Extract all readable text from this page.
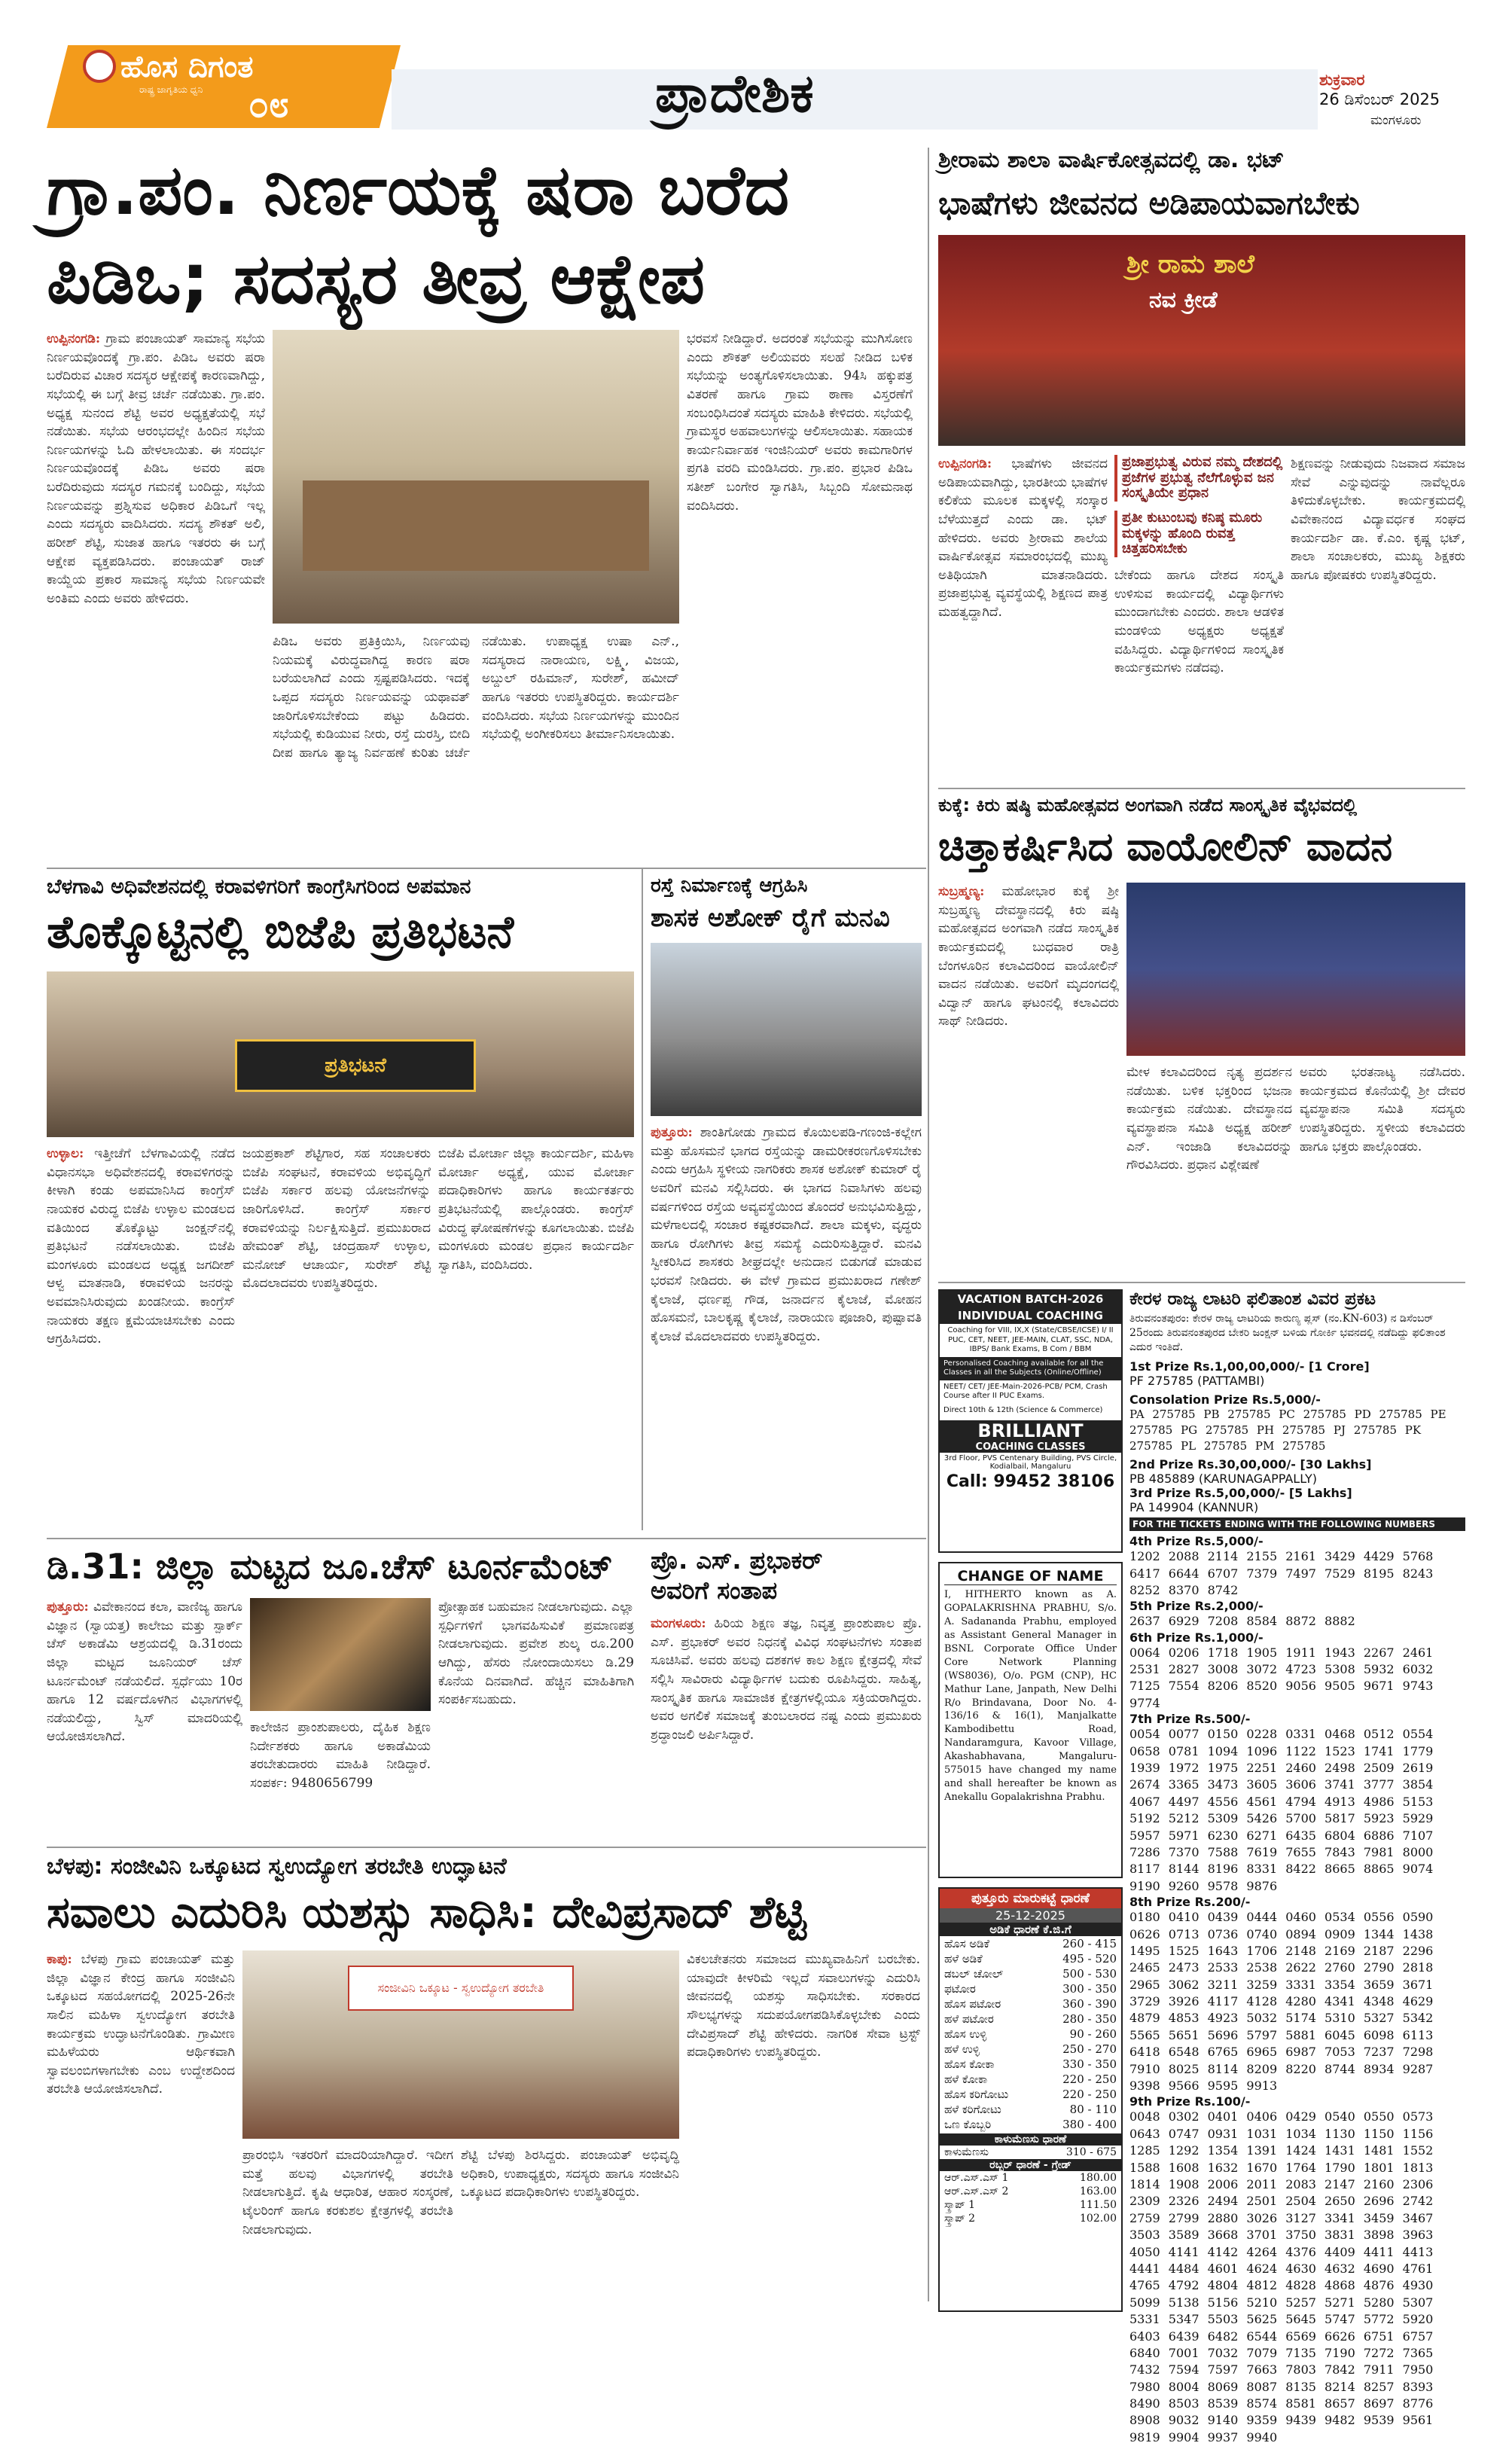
ಹೊಸ ದಿಗಂತ
ರಾಷ್ಟ್ರ ಜಾಗೃತಿಯ ಧ್ವನಿ ೦೮	ಪ್ರಾದೇಶಿಕ	ಶುಕ್ರವಾರ
26 ಡಿಸೆಂಬರ್ 2025
ಮಂಗಳೂರು
ಗ್ರಾ.ಪಂ. ನಿರ್ಣಯಕ್ಕೆ ಷರಾ ಬರೆದ
ಪಿಡಿಒ; ಸದಸ್ಯರ ತೀವ್ರ ಆಕ್ಷೇಪ
ಉಪ್ಪಿನಂಗಡಿ: ಗ್ರಾಮ ಪಂಚಾಯತ್ ಸಾಮಾನ್ಯ ಸಭೆಯ ನಿರ್ಣಯವೊಂದಕ್ಕೆ ಗ್ರಾ.ಪಂ. ಪಿಡಿಒ ಅವರು ಷರಾ ಬರೆದಿರುವ ವಿಚಾರ ಸದಸ್ಯರ ಆಕ್ಷೇಪಕ್ಕೆ ಕಾರಣವಾಗಿದ್ದು, ಸಭೆಯಲ್ಲಿ ಈ ಬಗ್ಗೆ ತೀವ್ರ ಚರ್ಚೆ ನಡೆಯಿತು. ಗ್ರಾ.ಪಂ. ಅಧ್ಯಕ್ಷ ಸುನಂದ ಶೆಟ್ಟಿ ಅವರ ಅಧ್ಯಕ್ಷತೆಯಲ್ಲಿ ಸಭೆ ನಡೆಯಿತು. ಸಭೆಯ ಆರಂಭದಲ್ಲೇ ಹಿಂದಿನ ಸಭೆಯ ನಿರ್ಣಯಗಳನ್ನು ಓದಿ ಹೇಳಲಾಯಿತು. ಈ ಸಂದರ್ಭ ನಿರ್ಣಯವೊಂದಕ್ಕೆ ಪಿಡಿಒ ಅವರು ಷರಾ ಬರೆದಿರುವುದು ಸದಸ್ಯರ ಗಮನಕ್ಕೆ ಬಂದಿದ್ದು, ಸಭೆಯ ನಿರ್ಣಯವನ್ನು ಪ್ರಶ್ನಿಸುವ ಅಧಿಕಾರ ಪಿಡಿಒಗೆ ಇಲ್ಲ ಎಂದು ಸದಸ್ಯರು ವಾದಿಸಿದರು. ಸದಸ್ಯ ಶೌಕತ್ ಅಲಿ, ಹರೀಶ್ ಶೆಟ್ಟಿ, ಸುಜಾತ ಹಾಗೂ ಇತರರು ಈ ಬಗ್ಗೆ ಆಕ್ಷೇಪ ವ್ಯಕ್ತಪಡಿಸಿದರು. ಪಂಚಾಯತ್ ರಾಜ್ ಕಾಯ್ದೆಯ ಪ್ರಕಾರ ಸಾಮಾನ್ಯ ಸಭೆಯ ನಿರ್ಣಯವೇ ಅಂತಿಮ ಎಂದು ಅವರು ಹೇಳಿದರು.
ಪಿಡಿಒ ಅವರು ಪ್ರತಿಕ್ರಿಯಿಸಿ, ನಿರ್ಣಯವು ನಿಯಮಕ್ಕೆ ವಿರುದ್ಧವಾಗಿದ್ದ ಕಾರಣ ಷರಾ ಬರೆಯಲಾಗಿದೆ ಎಂದು ಸ್ಪಷ್ಟಪಡಿಸಿದರು. ಇದಕ್ಕೆ ಒಪ್ಪದ ಸದಸ್ಯರು ನಿರ್ಣಯವನ್ನು ಯಥಾವತ್ ಜಾರಿಗೊಳಿಸಬೇಕೆಂದು ಪಟ್ಟು ಹಿಡಿದರು. ಸಭೆಯಲ್ಲಿ ಕುಡಿಯುವ ನೀರು, ರಸ್ತೆ ದುರಸ್ತಿ, ಬೀದಿ ದೀಪ ಹಾಗೂ ತ್ಯಾಜ್ಯ ನಿರ್ವಹಣೆ ಕುರಿತು ಚರ್ಚೆ ನಡೆಯಿತು. ಉಪಾಧ್ಯಕ್ಷ ಉಷಾ ಎನ್., ಸದಸ್ಯರಾದ ನಾರಾಯಣ, ಲಕ್ಷ್ಮಿ, ವಿಜಯ, ಅಬ್ದುಲ್ ರಹಿಮಾನ್, ಸುರೇಶ್, ಹಮೀದ್ ಹಾಗೂ ಇತರರು ಉಪಸ್ಥಿತರಿದ್ದರು. ಕಾರ್ಯದರ್ಶಿ ವಂದಿಸಿದರು. ಸಭೆಯ ನಿರ್ಣಯಗಳನ್ನು ಮುಂದಿನ ಸಭೆಯಲ್ಲಿ ಅಂಗೀಕರಿಸಲು ತೀರ್ಮಾನಿಸಲಾಯಿತು.
ಭರವಸೆ ನೀಡಿದ್ದಾರೆ. ಅದರಂತೆ ಸಭೆಯನ್ನು ಮುಗಿಸೋಣ ಎಂದು ಶೌಕತ್ ಅಲಿಯವರು ಸಲಹೆ ನೀಡಿದ ಬಳಿಕ ಸಭೆಯನ್ನು ಅಂತ್ಯಗೊಳಿಸಲಾಯಿತು. 94ಸಿ ಹಕ್ಕುಪತ್ರ ವಿತರಣೆ ಹಾಗೂ ಗ್ರಾಮ ಠಾಣಾ ವಿಸ್ತರಣೆಗೆ ಸಂಬಂಧಿಸಿದಂತೆ ಸದಸ್ಯರು ಮಾಹಿತಿ ಕೇಳಿದರು. ಸಭೆಯಲ್ಲಿ ಗ್ರಾಮಸ್ಥರ ಅಹವಾಲುಗಳನ್ನು ಆಲಿಸಲಾಯಿತು. ಸಹಾಯಕ ಕಾರ್ಯನಿರ್ವಾಹಕ ಇಂಜಿನಿಯರ್ ಅವರು ಕಾಮಗಾರಿಗಳ ಪ್ರಗತಿ ವರದಿ ಮಂಡಿಸಿದರು. ಗ್ರಾ.ಪಂ. ಪ್ರಭಾರ ಪಿಡಿಒ ಸತೀಶ್ ಬಂಗೇರ ಸ್ವಾಗತಿಸಿ, ಸಿಬ್ಬಂದಿ ಸೋಮನಾಥ ವಂದಿಸಿದರು.
ಶ್ರೀರಾಮ ಶಾಲಾ ವಾರ್ಷಿಕೋತ್ಸವದಲ್ಲಿ ಡಾ. ಭಟ್
ಭಾಷೆಗಳು ಜೀವನದ ಅಡಿಪಾಯವಾಗಬೇಕು
ಶ್ರೀ ರಾಮ ಶಾಲೆ
ನವ ಕ್ರೀಡೆ
ಉಪ್ಪಿನಂಗಡಿ: ಭಾಷೆಗಳು ಜೀವನದ ಅಡಿಪಾಯವಾಗಿದ್ದು, ಭಾರತೀಯ ಭಾಷೆಗಳ ಕಲಿಕೆಯ ಮೂಲಕ ಮಕ್ಕಳಲ್ಲಿ ಸಂಸ್ಕಾರ ಬೆಳೆಯುತ್ತದೆ ಎಂದು ಡಾ. ಭಟ್ ಹೇಳಿದರು. ಅವರು ಶ್ರೀರಾಮ ಶಾಲೆಯ ವಾರ್ಷಿಕೋತ್ಸವ ಸಮಾರಂಭದಲ್ಲಿ ಮುಖ್ಯ ಅತಿಥಿಯಾಗಿ ಮಾತನಾಡಿದರು. ಪ್ರಜಾಪ್ರಭುತ್ವ ವ್ಯವಸ್ಥೆಯಲ್ಲಿ ಶಿಕ್ಷಣದ ಪಾತ್ರ ಮಹತ್ವದ್ದಾಗಿದೆ.
ಪ್ರಜಾಪ್ರಭುತ್ವ ವಿರುವ ನಮ್ಮ ದೇಶದಲ್ಲಿ ಪ್ರಜೆಗಳ ಪ್ರಭುತ್ವ ನೆಲೆಗೊಳ್ಳುವ ಜನ ಸಂಸ್ಕೃತಿಯೇ ಪ್ರಧಾನ
ಪ್ರತೀ ಕುಟುಂಬವು ಕನಿಷ್ಠ ಮೂರು ಮಕ್ಕಳನ್ನು ಹೊಂದಿ ರುವತ್ತ ಚಿತ್ತಹರಿಸಬೇಕು
ಬೇಕೆಂದು ಹಾಗೂ ದೇಶದ ಸಂಸ್ಕೃತಿ ಉಳಿಸುವ ಕಾರ್ಯದಲ್ಲಿ ವಿದ್ಯಾರ್ಥಿಗಳು ಮುಂದಾಗಬೇಕು ಎಂದರು. ಶಾಲಾ ಆಡಳಿತ ಮಂಡಳಿಯ ಅಧ್ಯಕ್ಷರು ಅಧ್ಯಕ್ಷತೆ ವಹಿಸಿದ್ದರು. ವಿದ್ಯಾರ್ಥಿಗಳಿಂದ ಸಾಂಸ್ಕೃತಿಕ ಕಾರ್ಯಕ್ರಮಗಳು ನಡೆದವು.
ಶಿಕ್ಷಣವನ್ನು ನೀಡುವುದು ನಿಜವಾದ ಸಮಾಜ ಸೇವೆ ಎನ್ನುವುದನ್ನು ನಾವೆಲ್ಲರೂ ತಿಳಿದುಕೊಳ್ಳಬೇಕು. ಕಾರ್ಯಕ್ರಮದಲ್ಲಿ ವಿವೇಕಾನಂದ ವಿದ್ಯಾವರ್ಧಕ ಸಂಘದ ಕಾರ್ಯದರ್ಶಿ ಡಾ. ಕೆ.ಎಂ. ಕೃಷ್ಣ ಭಟ್, ಶಾಲಾ ಸಂಚಾಲಕರು, ಮುಖ್ಯ ಶಿಕ್ಷಕರು ಹಾಗೂ ಪೋಷಕರು ಉಪಸ್ಥಿತರಿದ್ದರು.
ಕುಕ್ಕೆ: ಕಿರು ಷಷ್ಠಿ ಮಹೋತ್ಸವದ ಅಂಗವಾಗಿ ನಡೆದ ಸಾಂಸ್ಕೃತಿಕ ವೈಭವದಲ್ಲಿ
ಚಿತ್ತಾಕರ್ಷಿಸಿದ ವಾಯೋಲಿನ್ ವಾದನ
ಸುಬ್ರಹ್ಮಣ್ಯ: ಮಹೋಭಾರ ಕುಕ್ಕೆ ಶ್ರೀ ಸುಬ್ರಹ್ಮಣ್ಯ ದೇವಸ್ಥಾನದಲ್ಲಿ ಕಿರು ಷಷ್ಠಿ ಮಹೋತ್ಸವದ ಅಂಗವಾಗಿ ನಡೆದ ಸಾಂಸ್ಕೃತಿಕ ಕಾರ್ಯಕ್ರಮದಲ್ಲಿ ಬುಧವಾರ ರಾತ್ರಿ ಬೆಂಗಳೂರಿನ ಕಲಾವಿದರಿಂದ ವಾಯೋಲಿನ್ ವಾದನ ನಡೆಯಿತು. ಅವರಿಗೆ ಮೃದಂಗದಲ್ಲಿ ವಿದ್ವಾನ್ ಹಾಗೂ ಘಟಂನಲ್ಲಿ ಕಲಾವಿದರು ಸಾಥ್ ನೀಡಿದರು.
ಮೇಳ ಕಲಾವಿದರಿಂದ ನೃತ್ಯ ಪ್ರದರ್ಶನ ನಡೆಯಿತು. ಬಳಿಕ ಭಕ್ತರಿಂದ ಭಜನಾ ಕಾರ್ಯಕ್ರಮ ನಡೆಯಿತು. ದೇವಸ್ಥಾನದ ವ್ಯವಸ್ಥಾಪನಾ ಸಮಿತಿ ಅಧ್ಯಕ್ಷ ಹರೀಶ್ ಎನ್. ಇಂಜಾಡಿ ಕಲಾವಿದರನ್ನು ಗೌರವಿಸಿದರು. ಪ್ರಧಾನ ವಿಶ್ಲೇಷಣೆ
ಅವರು ಭರತನಾಟ್ಯ ನಡೆಸಿದರು. ಕಾರ್ಯಕ್ರಮದ ಕೊನೆಯಲ್ಲಿ ಶ್ರೀ ದೇವರ ವ್ಯವಸ್ಥಾಪನಾ ಸಮಿತಿ ಸದಸ್ಯರು ಉಪಸ್ಥಿತರಿದ್ದರು. ಸ್ಥಳೀಯ ಕಲಾವಿದರು ಹಾಗೂ ಭಕ್ತರು ಪಾಲ್ಗೊಂಡರು.
ಬೆಳಗಾವಿ ಅಧಿವೇಶನದಲ್ಲಿ ಕರಾವಳಿಗರಿಗೆ ಕಾಂಗ್ರೆಸಿಗರಿಂದ ಅಪಮಾನ
ತೊಕ್ಕೊಟ್ಟಿನಲ್ಲಿ ಬಿಜೆಪಿ ಪ್ರತಿಭಟನೆ
ಪ್ರತಿಭಟನೆ
ಉಳ್ಳಾಲ: ಇತ್ತೀಚೆಗೆ ಬೆಳಗಾವಿಯಲ್ಲಿ ನಡೆದ ವಿಧಾನಸಭಾ ಅಧಿವೇಶನದಲ್ಲಿ ಕರಾವಳಿಗರನ್ನು ಕೀಳಾಗಿ ಕಂಡು ಅಪಮಾನಿಸಿದ ಕಾಂಗ್ರೆಸ್ ನಾಯಕರ ವಿರುದ್ಧ ಬಿಜೆಪಿ ಉಳ್ಳಾಲ ಮಂಡಲದ ವತಿಯಿಂದ ತೊಕ್ಕೊಟ್ಟು ಜಂಕ್ಷನ್‌ನಲ್ಲಿ ಪ್ರತಿಭಟನೆ ನಡೆಸಲಾಯಿತು. ಬಿಜೆಪಿ ಮಂಗಳೂರು ಮಂಡಲದ ಅಧ್ಯಕ್ಷ ಜಗದೀಶ್ ಆಳ್ವ ಮಾತನಾಡಿ, ಕರಾವಳಿಯ ಜನರನ್ನು ಅವಮಾನಿಸಿರುವುದು ಖಂಡನೀಯ. ಕಾಂಗ್ರೆಸ್ ನಾಯಕರು ತಕ್ಷಣ ಕ್ಷಮೆಯಾಚಿಸಬೇಕು ಎಂದು ಆಗ್ರಹಿಸಿದರು.
ಜಯಪ್ರಕಾಶ್ ಶೆಟ್ಟಿಗಾರ, ಸಹ ಸಂಚಾಲಕರು ಬಿಜೆಪಿ ಸಂಘಟನೆ, ಕರಾವಳಿಯ ಅಭಿವೃದ್ಧಿಗೆ ಬಿಜೆಪಿ ಸರ್ಕಾರ ಹಲವು ಯೋಜನೆಗಳನ್ನು ಜಾರಿಗೊಳಿಸಿದೆ. ಕಾಂಗ್ರೆಸ್ ಸರ್ಕಾರ ಕರಾವಳಿಯನ್ನು ನಿರ್ಲಕ್ಷಿಸುತ್ತಿದೆ. ಪ್ರಮುಖರಾದ ಹೇಮಂತ್ ಶೆಟ್ಟಿ, ಚಂದ್ರಹಾಸ್ ಉಳ್ಳಾಲ, ಮನೋಜ್ ಆಚಾರ್ಯ, ಸುರೇಶ್ ಶೆಟ್ಟಿ ಮೊದಲಾದವರು ಉಪಸ್ಥಿತರಿದ್ದರು.
ಬಿಜೆಪಿ ಮೋರ್ಚಾ ಜಿಲ್ಲಾ ಕಾರ್ಯದರ್ಶಿ, ಮಹಿಳಾ ಮೋರ್ಚಾ ಅಧ್ಯಕ್ಷೆ, ಯುವ ಮೋರ್ಚಾ ಪದಾಧಿಕಾರಿಗಳು ಹಾಗೂ ಕಾರ್ಯಕರ್ತರು ಪ್ರತಿಭಟನೆಯಲ್ಲಿ ಪಾಲ್ಗೊಂಡರು. ಕಾಂಗ್ರೆಸ್ ವಿರುದ್ಧ ಘೋಷಣೆಗಳನ್ನು ಕೂಗಲಾಯಿತು. ಬಿಜೆಪಿ ಮಂಗಳೂರು ಮಂಡಲ ಪ್ರಧಾನ ಕಾರ್ಯದರ್ಶಿ ಸ್ವಾಗತಿಸಿ, ವಂದಿಸಿದರು.
ರಸ್ತೆ ನಿರ್ಮಾಣಕ್ಕೆ ಆಗ್ರಹಿಸಿ
ಶಾಸಕ ಅಶೋಕ್ ರೈಗೆ ಮನವಿ
ಪುತ್ತೂರು: ಶಾಂತಿಗೋಡು ಗ್ರಾಮದ ಕೊಯಿಲಪಡಿ-ಗಣಂಜಿ-ಕಲ್ಲೇಗ ಮತ್ತು ಹೊಸಮನೆ ಭಾಗದ ರಸ್ತೆಯನ್ನು ಡಾಮರೀಕರಣಗೊಳಿಸಬೇಕು ಎಂದು ಆಗ್ರಹಿಸಿ ಸ್ಥಳೀಯ ನಾಗರಿಕರು ಶಾಸಕ ಅಶೋಕ್ ಕುಮಾರ್ ರೈ ಅವರಿಗೆ ಮನವಿ ಸಲ್ಲಿಸಿದರು. ಈ ಭಾಗದ ನಿವಾಸಿಗಳು ಹಲವು ವರ್ಷಗಳಿಂದ ರಸ್ತೆಯ ಅವ್ಯವಸ್ಥೆಯಿಂದ ತೊಂದರೆ ಅನುಭವಿಸುತ್ತಿದ್ದು, ಮಳೆಗಾಲದಲ್ಲಿ ಸಂಚಾರ ಕಷ್ಟಕರವಾಗಿದೆ. ಶಾಲಾ ಮಕ್ಕಳು, ವೃದ್ಧರು ಹಾಗೂ ರೋಗಿಗಳು ತೀವ್ರ ಸಮಸ್ಯೆ ಎದುರಿಸುತ್ತಿದ್ದಾರೆ. ಮನವಿ ಸ್ವೀಕರಿಸಿದ ಶಾಸಕರು ಶೀಘ್ರದಲ್ಲೇ ಅನುದಾನ ಬಿಡುಗಡೆ ಮಾಡುವ ಭರವಸೆ ನೀಡಿದರು. ಈ ವೇಳೆ ಗ್ರಾಮದ ಪ್ರಮುಖರಾದ ಗಣೇಶ್ ಕೈಲಾಜೆ, ಧರ್ಣಪ್ಪ ಗೌಡ, ಜನಾರ್ದನ ಕೈಲಾಜೆ, ಮೋಹನ ಹೊಸಮನೆ, ಬಾಲಕೃಷ್ಣ ಕೈಲಾಜೆ, ನಾರಾಯಣ ಪೂಜಾರಿ, ಪುಷ್ಪಾವತಿ ಕೈಲಾಜೆ ಮೊದಲಾದವರು ಉಪಸ್ಥಿತರಿದ್ದರು.
ಡಿ.31: ಜಿಲ್ಲಾ ಮಟ್ಟದ ಜೂ.ಚೆಸ್ ಟೂರ್ನಮೆಂಟ್
ಪುತ್ತೂರು: ವಿವೇಕಾನಂದ ಕಲಾ, ವಾಣಿಜ್ಯ ಹಾಗೂ ವಿಜ್ಞಾನ (ಸ್ವಾಯತ್ತ) ಕಾಲೇಜು ಮತ್ತು ಸ್ಪಾರ್ಕ್ ಚೆಸ್ ಅಕಾಡೆಮಿ ಆಶ್ರಯದಲ್ಲಿ ಡಿ.31ರಂದು ಜಿಲ್ಲಾ ಮಟ್ಟದ ಜೂನಿಯರ್ ಚೆಸ್ ಟೂರ್ನಮೆಂಟ್ ನಡೆಯಲಿದೆ. ಸ್ಪರ್ಧೆಯು 10ರ ಹಾಗೂ 12 ವರ್ಷದೊಳಗಿನ ವಿಭಾಗಗಳಲ್ಲಿ ನಡೆಯಲಿದ್ದು, ಸ್ವಿಸ್ ಮಾದರಿಯಲ್ಲಿ ಆಯೋಜಿಸಲಾಗಿದೆ.
ಪ್ರೋತ್ಸಾಹಕ ಬಹುಮಾನ ನೀಡಲಾಗುವುದು. ಎಲ್ಲಾ ಸ್ಪರ್ಧಿಗಳಿಗೆ ಭಾಗವಹಿಸುವಿಕೆ ಪ್ರಮಾಣಪತ್ರ ನೀಡಲಾಗುವುದು. ಪ್ರವೇಶ ಶುಲ್ಕ ರೂ.200 ಆಗಿದ್ದು, ಹೆಸರು ನೋಂದಾಯಿಸಲು ಡಿ.29 ಕೊನೆಯ ದಿನವಾಗಿದೆ. ಹೆಚ್ಚಿನ ಮಾಹಿತಿಗಾಗಿ ಸಂಪರ್ಕಿಸಬಹುದು.
ಕಾಲೇಜಿನ ಪ್ರಾಂಶುಪಾಲರು, ದೈಹಿಕ ಶಿಕ್ಷಣ ನಿರ್ದೇಶಕರು ಹಾಗೂ ಅಕಾಡೆಮಿಯ ತರಬೇತುದಾರರು ಮಾಹಿತಿ ನೀಡಿದ್ದಾರೆ. ಸಂಪರ್ಕ: 9480656799
ಪ್ರೊ. ಎಸ್. ಪ್ರಭಾಕರ್
ಅವರಿಗೆ ಸಂತಾಪ
ಮಂಗಳೂರು: ಹಿರಿಯ ಶಿಕ್ಷಣ ತಜ್ಞ, ನಿವೃತ್ತ ಪ್ರಾಂಶುಪಾಲ ಪ್ರೊ. ಎಸ್. ಪ್ರಭಾಕರ್ ಅವರ ನಿಧನಕ್ಕೆ ವಿವಿಧ ಸಂಘಟನೆಗಳು ಸಂತಾಪ ಸೂಚಿಸಿವೆ. ಅವರು ಹಲವು ದಶಕಗಳ ಕಾಲ ಶಿಕ್ಷಣ ಕ್ಷೇತ್ರದಲ್ಲಿ ಸೇವೆ ಸಲ್ಲಿಸಿ ಸಾವಿರಾರು ವಿದ್ಯಾರ್ಥಿಗಳ ಬದುಕು ರೂಪಿಸಿದ್ದರು. ಸಾಹಿತ್ಯ, ಸಾಂಸ್ಕೃತಿಕ ಹಾಗೂ ಸಾಮಾಜಿಕ ಕ್ಷೇತ್ರಗಳಲ್ಲಿಯೂ ಸಕ್ರಿಯರಾಗಿದ್ದರು. ಅವರ ಅಗಲಿಕೆ ಸಮಾಜಕ್ಕೆ ತುಂಬಲಾರದ ನಷ್ಟ ಎಂದು ಪ್ರಮುಖರು ಶ್ರದ್ಧಾಂಜಲಿ ಅರ್ಪಿಸಿದ್ದಾರೆ.
ಬೆಳಪು: ಸಂಜೀವಿನಿ ಒಕ್ಕೂಟದ ಸ್ವಉದ್ಯೋಗ ತರಬೇತಿ ಉದ್ಘಾಟನೆ
ಸವಾಲು ಎದುರಿಸಿ ಯಶಸ್ಸು ಸಾಧಿಸಿ: ದೇವಿಪ್ರಸಾದ್ ಶೆಟ್ಟಿ
ಕಾಪು: ಬೆಳಪು ಗ್ರಾಮ ಪಂಚಾಯತ್ ಮತ್ತು ಜಿಲ್ಲಾ ವಿಜ್ಞಾನ ಕೇಂದ್ರ ಹಾಗೂ ಸಂಜೀವಿನಿ ಒಕ್ಕೂಟದ ಸಹಯೋಗದಲ್ಲಿ 2025-26ನೇ ಸಾಲಿನ ಮಹಿಳಾ ಸ್ವಉದ್ಯೋಗ ತರಬೇತಿ ಕಾರ್ಯಕ್ರಮ ಉದ್ಘಾಟನೆಗೊಂಡಿತು. ಗ್ರಾಮೀಣ ಮಹಿಳೆಯರು ಆರ್ಥಿಕವಾಗಿ ಸ್ವಾವಲಂಬಿಗಳಾಗಬೇಕು ಎಂಬ ಉದ್ದೇಶದಿಂದ ತರಬೇತಿ ಆಯೋಜಿಸಲಾಗಿದೆ.
ಸಂಜೀವಿನಿ ಒಕ್ಕೂಟ - ಸ್ವಉದ್ಯೋಗ ತರಬೇತಿ
ಪ್ರಾರಂಭಿಸಿ ಇತರರಿಗೆ ಮಾದರಿಯಾಗಿದ್ದಾರೆ. ಇದೀಗ ಮತ್ತೆ ಹಲವು ವಿಭಾಗಗಳಲ್ಲಿ ತರಬೇತಿ ನೀಡಲಾಗುತ್ತಿದೆ. ಕೃಷಿ ಆಧಾರಿತ, ಆಹಾರ ಸಂಸ್ಕರಣೆ, ಟೈಲರಿಂಗ್ ಹಾಗೂ ಕರಕುಶಲ ಕ್ಷೇತ್ರಗಳಲ್ಲಿ ತರಬೇತಿ ನೀಡಲಾಗುವುದು.
ಶೆಟ್ಟಿ ಬೆಳಪು ಶಿರಸಿದ್ದರು. ಪಂಚಾಯತ್ ಅಭಿವೃದ್ಧಿ ಅಧಿಕಾರಿ, ಉಪಾಧ್ಯಕ್ಷರು, ಸದಸ್ಯರು ಹಾಗೂ ಸಂಜೀವಿನಿ ಒಕ್ಕೂಟದ ಪದಾಧಿಕಾರಿಗಳು ಉಪಸ್ಥಿತರಿದ್ದರು.
ವಿಕಲಚೇತನರು ಸಮಾಜದ ಮುಖ್ಯವಾಹಿನಿಗೆ ಬರಬೇಕು. ಯಾವುದೇ ಕೀಳರಿಮೆ ಇಲ್ಲದೆ ಸವಾಲುಗಳನ್ನು ಎದುರಿಸಿ ಜೀವನದಲ್ಲಿ ಯಶಸ್ಸು ಸಾಧಿಸಬೇಕು. ಸರಕಾರದ ಸೌಲಭ್ಯಗಳನ್ನು ಸದುಪಯೋಗಪಡಿಸಿಕೊಳ್ಳಬೇಕು ಎಂದು ದೇವಿಪ್ರಸಾದ್ ಶೆಟ್ಟಿ ಹೇಳಿದರು. ನಾಗರಿಕ ಸೇವಾ ಟ್ರಸ್ಟ್ ಪದಾಧಿಕಾರಿಗಳು ಉಪಸ್ಥಿತರಿದ್ದರು.
VACATION BATCH-2026
INDIVIDUAL COACHING
Coaching for VIII, IX,X (State/CBSE/ICSE) I/ II PUC, CET, NEET, JEE-MAIN, CLAT, SSC, NDA, IBPS/ Bank Exams, B Com / BBM
Personalised Coaching available for all the Classes in all the Subjects (Online/Offline)
NEET/ CET/ JEE-Main-2026-PCB/ PCM, Crash Course after II PUC Exams.
Direct 10th & 12th (Science & Commerce)
BRILLIANT
COACHING CLASSES
3rd Floor, PVS Centenary Building, PVS Circle, Kodialbail, Mangaluru
Call: 99452 38106
CHANGE OF NAME
I, HITHERTO known as A. GOPALAKRISHNA PRABHU, S/o. A. Sadananda Prabhu, employed as Assistant General Manager in BSNL Corporate Office Under Core Network Planning (WS8036), O/o. PGM (CNP), HC Mathur Lane, Janpath, New Delhi R/o Brindavana, Door No. 4-136/16 & 16(1), Manjalkatte Kambodibettu Road, Nandaramgura, Kavoor Village, Akashabhavana, Mangaluru-575015 have changed my name and shall hereafter be known as Anekallu Gopalakrishna Prabhu.
ಪುತ್ತೂರು ಮಾರುಕಟ್ಟೆ ಧಾರಣೆ
25-12-2025
ಅಡಿಕೆ ಧಾರಣೆ ಕೆ.ಜಿ.ಗೆ
ಹೊಸ ಅಡಿಕೆ	260 - 415
ಹಳೆ ಅಡಿಕೆ	495 - 520
ಡಬಲ್ ಚೋಲ್	500 - 530
ಫಟೋರ	300 - 350
ಹೊಸ ಪಟೋರ	360 - 390
ಹಳೆ ಪಟೋರ	280 - 350
ಹೊಸ ಉಳ್ಳಿ	90 - 260
ಹಳೆ ಉಳ್ಳಿ	250 - 270
ಹೊಸ ಕೋಕಾ	330 - 350
ಹಳೆ ಕೋಕಾ	220 - 250
ಹೊಸ ಕರಿಗೋಟು	220 - 250
ಹಳೆ ಕರಿಗೋಟು	80 - 110
ಒಣ ಕೊಬ್ಬರಿ	380 - 400
ಕಾಳುಮೆಣಸು ಧಾರಣೆ
ಕಾಳುಮೆಣಸು	310 - 675
ರಬ್ಬರ್ ಧಾರಣೆ - ಗ್ರೇಡ್
ಆರ್.ಎಸ್.ಎಸ್ 1	180.00
ಆರ್.ಎಸ್.ಎಸ್ 2	163.00
ಸ್ಕ್ರಾಪ್ 1	111.50
ಸ್ಕ್ರಾಪ್ 2	102.00
ಕೇರಳ ರಾಜ್ಯ ಲಾಟರಿ ಫಲಿತಾಂಶ ವಿವರ ಪ್ರಕಟ
ತಿರುವನಂತಪುರಂ: ಕೇರಳ ರಾಜ್ಯ ಲಾಟರಿಯ ಕಾರುಣ್ಯ ಪ್ಲಸ್ (ನಂ.KN-603) ನ ಡಿಸೆಂಬರ್ 25ರಂದು ತಿರುವನಂತಪುರದ ಬೇಕರಿ ಜಂಕ್ಷನ್ ಬಳಿಯ ಗೋರ್ಕಿ ಭವನದಲ್ಲಿ ನಡೆದಿದ್ದು ಫಲಿತಾಂಶ ಎದುರ ಇಂತಿದೆ.
1st Prize Rs.1,00,00,000/- [1 Crore]
PF 275785 (PATTAMBI)
Consolation Prize Rs.5,000/-
PA 275785 PB 275785 PC 275785 PD 275785 PE 275785 PG 275785 PH 275785 PJ 275785 PK 275785 PL 275785 PM 275785
2nd Prize Rs.30,00,000/- [30 Lakhs]
PB 485889 (KARUNAGAPPALLY)
3rd Prize Rs.5,00,000/- [5 Lakhs]
PA 149904 (KANNUR)
FOR THE TICKETS ENDING WITH THE FOLLOWING NUMBERS
4th Prize Rs.5,000/-
1202 2088 2114 2155 2161 3429 4429 5768 6417 6644 6707 7379 7497 7529 8195 8243 8252 8370 8742
5th Prize Rs.2,000/-
2637 6929 7208 8584 8872 8882
6th Prize Rs.1,000/-
0064 0206 1718 1905 1911 1943 2267 2461 2531 2827 3008 3072 4723 5308 5932 6032 7125 7554 8206 8520 9056 9505 9671 9743 9774
7th Prize Rs.500/-
0054 0077 0150 0228 0331 0468 0512 0554 0658 0781 1094 1096 1122 1523 1741 1779 1939 1972 1975 2251 2460 2498 2509 2619 2674 3365 3473 3605 3606 3741 3777 3854 4067 4497 4556 4561 4794 4913 4986 5153 5192 5212 5309 5426 5700 5817 5923 5929 5957 5971 6230 6271 6435 6804 6886 7107 7286 7370 7588 7619 7655 7843 7981 8000 8117 8144 8196 8331 8422 8665 8865 9074 9190 9260 9578 9876
8th Prize Rs.200/-
0180 0410 0439 0444 0460 0534 0556 0590 0626 0713 0736 0740 0894 0909 1344 1438 1495 1525 1643 1706 2148 2169 2187 2296 2465 2473 2533 2538 2622 2760 2790 2818 2965 3062 3211 3259 3331 3354 3659 3671 3729 3926 4117 4128 4280 4341 4348 4629 4879 4853 4923 5032 5174 5310 5327 5342 5565 5651 5696 5797 5881 6045 6098 6113 6418 6548 6765 6965 6987 7053 7237 7298 7910 8025 8114 8209 8220 8744 8934 9287 9398 9566 9595 9913
9th Prize Rs.100/-
0048 0302 0401 0406 0429 0540 0550 0573 0643 0747 0931 1031 1034 1130 1150 1156 1285 1292 1354 1391 1424 1431 1481 1552 1588 1608 1632 1670 1764 1790 1801 1813 1814 1908 2006 2011 2083 2147 2160 2306 2309 2326 2494 2501 2504 2650 2696 2742 2759 2799 2880 3026 3127 3341 3459 3467 3503 3589 3668 3701 3750 3831 3898 3963 4050 4141 4142 4264 4376 4409 4411 4413 4441 4484 4601 4624 4630 4632 4690 4761 4765 4792 4804 4812 4828 4868 4876 4930 5099 5138 5156 5210 5257 5271 5280 5307 5331 5347 5503 5625 5645 5747 5772 5920 6403 6439 6482 6544 6569 6626 6751 6757 6840 7001 7032 7079 7135 7190 7272 7365 7432 7594 7597 7663 7803 7842 7911 7950 7980 8004 8069 8087 8135 8214 8257 8393 8490 8503 8539 8574 8581 8657 8697 8776 8908 9032 9140 9359 9439 9482 9539 9561 9819 9904 9937 9940
